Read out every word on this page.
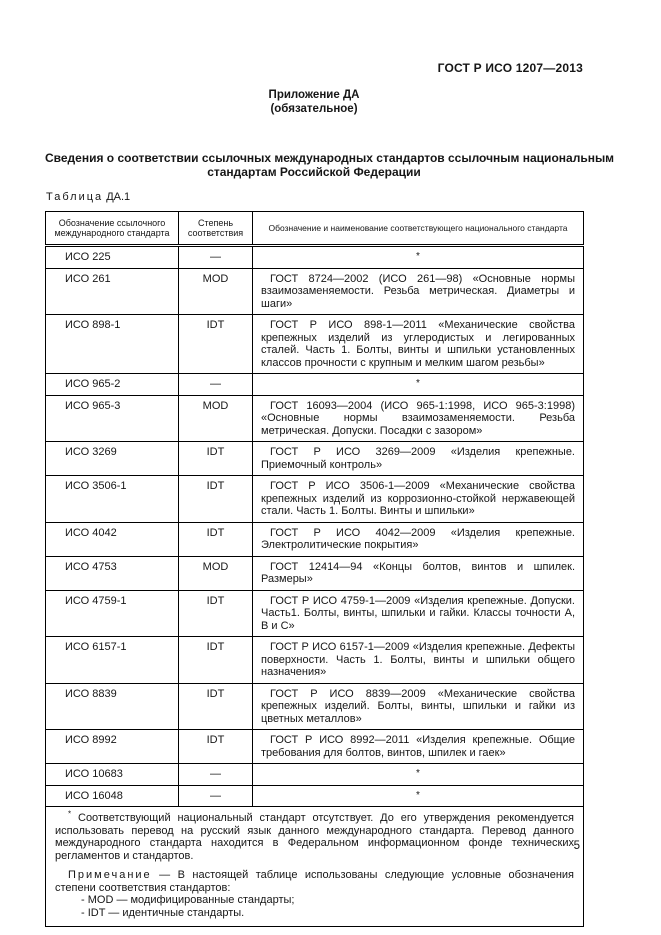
ГОСТ Р ИСО 1207—2013
Приложение ДА
(обязательное)
Сведения о соответствии ссылочных международных стандартов ссылочным национальным
стандартам Российской Федерации
Таблица ДА.1
Обозначение ссылочного международного стандарта	Степень соответствия	Обозначение и наименование соответствующего национального стандарта
ИСО 225	—	*
ИСО 261	MOD	ГОСТ 8724—2002 (ИСО 261—98) «Основные нормы взаимозаменяемости. Резьба метрическая. Диаметры и шаги»
ИСО 898-1	IDT	ГОСТ Р ИСО 898-1—2011 «Механические свойства крепежных изделий из углеродистых и легированных сталей. Часть 1. Болты, винты и шпильки установленных классов прочности с крупным и мелким шагом резьбы»
ИСО 965-2	—	*
ИСО 965-3	MOD	ГОСТ 16093—2004 (ИСО 965-1:1998, ИСО 965-3:1998) «Основные нормы взаимозаменяемости. Резьба метрическая. Допуски. Посадки с зазором»
ИСО 3269	IDT	ГОСТ Р ИСО 3269—2009 «Изделия крепежные. Приемочный контроль»
ИСО 3506-1	IDT	ГОСТ Р ИСО 3506-1—2009 «Механические свойства крепежных изделий из коррозионно-стойкой нержавеющей стали. Часть 1. Болты. Винты и шпильки»
ИСО 4042	IDT	ГОСТ Р ИСО 4042—2009 «Изделия крепежные. Электролитические покрытия»
ИСО 4753	MOD	ГОСТ 12414—94 «Концы болтов, винтов и шпилек. Размеры»
ИСО 4759-1	IDT	ГОСТ Р ИСО 4759-1—2009 «Изделия крепежные. Допуски. Часть1. Болты, винты, шпильки и гайки. Классы точности А, В и С»
ИСО 6157-1	IDT	ГОСТ Р ИСО 6157-1—2009 «Изделия крепежные. Дефекты поверхности. Часть 1. Болты, винты и шпильки общего назначения»
ИСО 8839	IDT	ГОСТ Р ИСО 8839—2009 «Механические свойства крепежных изделий. Болты, винты, шпильки и гайки из цветных металлов»
ИСО 8992	IDT	ГОСТ Р ИСО 8992—2011 «Изделия крепежные. Общие требования для болтов, винтов, шпилек и гаек»
ИСО 10683	—	*
ИСО 16048	—	*

* Соответствующий национальный стандарт отсутствует. До его утверждения рекомендуется использовать перевод на русский язык данного международного стандарта. Перевод данного международного стандарта находится в Федеральном информационном фонде технических регламентов и стандартов.

Примечание — В настоящей таблице использованы следующие условные обозначения степени соответствия стандартов:

- MOD — модифицированные стандарты;
- IDT — идентичные стандарты.		
5
